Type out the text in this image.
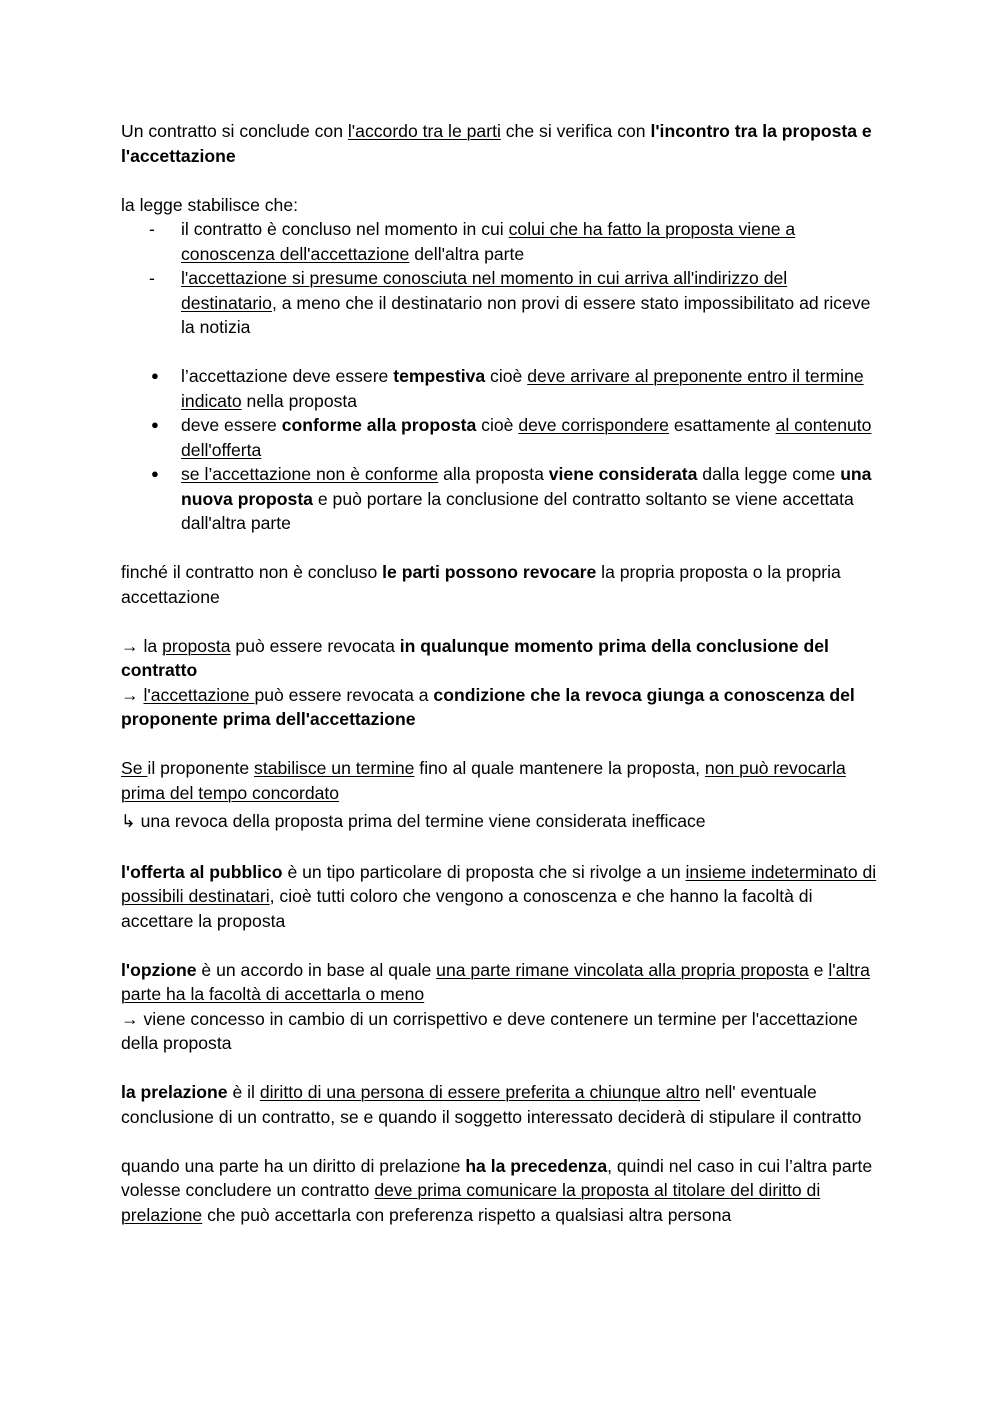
Un contratto si conclude con l'accordo tra le parti che si verifica con l'incontro tra la proposta e l'accettazione

la legge stabilisce che:

- il contratto è concluso nel momento in cui colui che ha fatto la proposta viene a conoscenza dell'accettazione dell'altra parte
- l'accettazione si presume conosciuta nel momento in cui arriva all'indirizzo del destinatario, a meno che il destinatario non provi di essere stato impossibilitato ad riceve la notizia
● l’accettazione deve essere tempestiva cioè deve arrivare al preponente entro il termine indicato nella proposta
● deve essere conforme alla proposta cioè deve corrispondere esattamente al contenuto dell'offerta
● se l’accettazione non è conforme alla proposta viene considerata dalla legge come una nuova proposta e può portare la conclusione del contratto soltanto se viene accettata dall'altra parte

finché il contratto non è concluso le parti possono revocare la propria proposta o la propria accettazione

→ la proposta può essere revocata in qualunque momento prima della conclusione del contratto

→ l'accettazione può essere revocata a condizione che la revoca giunga a conoscenza del proponente prima dell'accettazione

Se il proponente stabilisce un termine fino al quale mantenere la proposta, non può revocarla prima del tempo concordato

↳ una revoca della proposta prima del termine viene considerata inefficace

l'offerta al pubblico è un tipo particolare di proposta che si rivolge a un insieme indeterminato di possibili destinatari, cioè tutti coloro che vengono a conoscenza e che hanno la facoltà di accettare la proposta

l'opzione è un accordo in base al quale una parte rimane vincolata alla propria proposta e l'altra parte ha la facoltà di accettarla o meno

→ viene concesso in cambio di un corrispettivo e deve contenere un termine per l'accettazione della proposta

la prelazione è il diritto di una persona di essere preferita a chiunque altro nell' eventuale conclusione di un contratto, se e quando il soggetto interessato deciderà di stipulare il contratto

quando una parte ha un diritto di prelazione ha la precedenza, quindi nel caso in cui l’altra parte volesse concludere un contratto deve prima comunicare la proposta al titolare del diritto di prelazione che può accettarla con preferenza rispetto a qualsiasi altra persona
